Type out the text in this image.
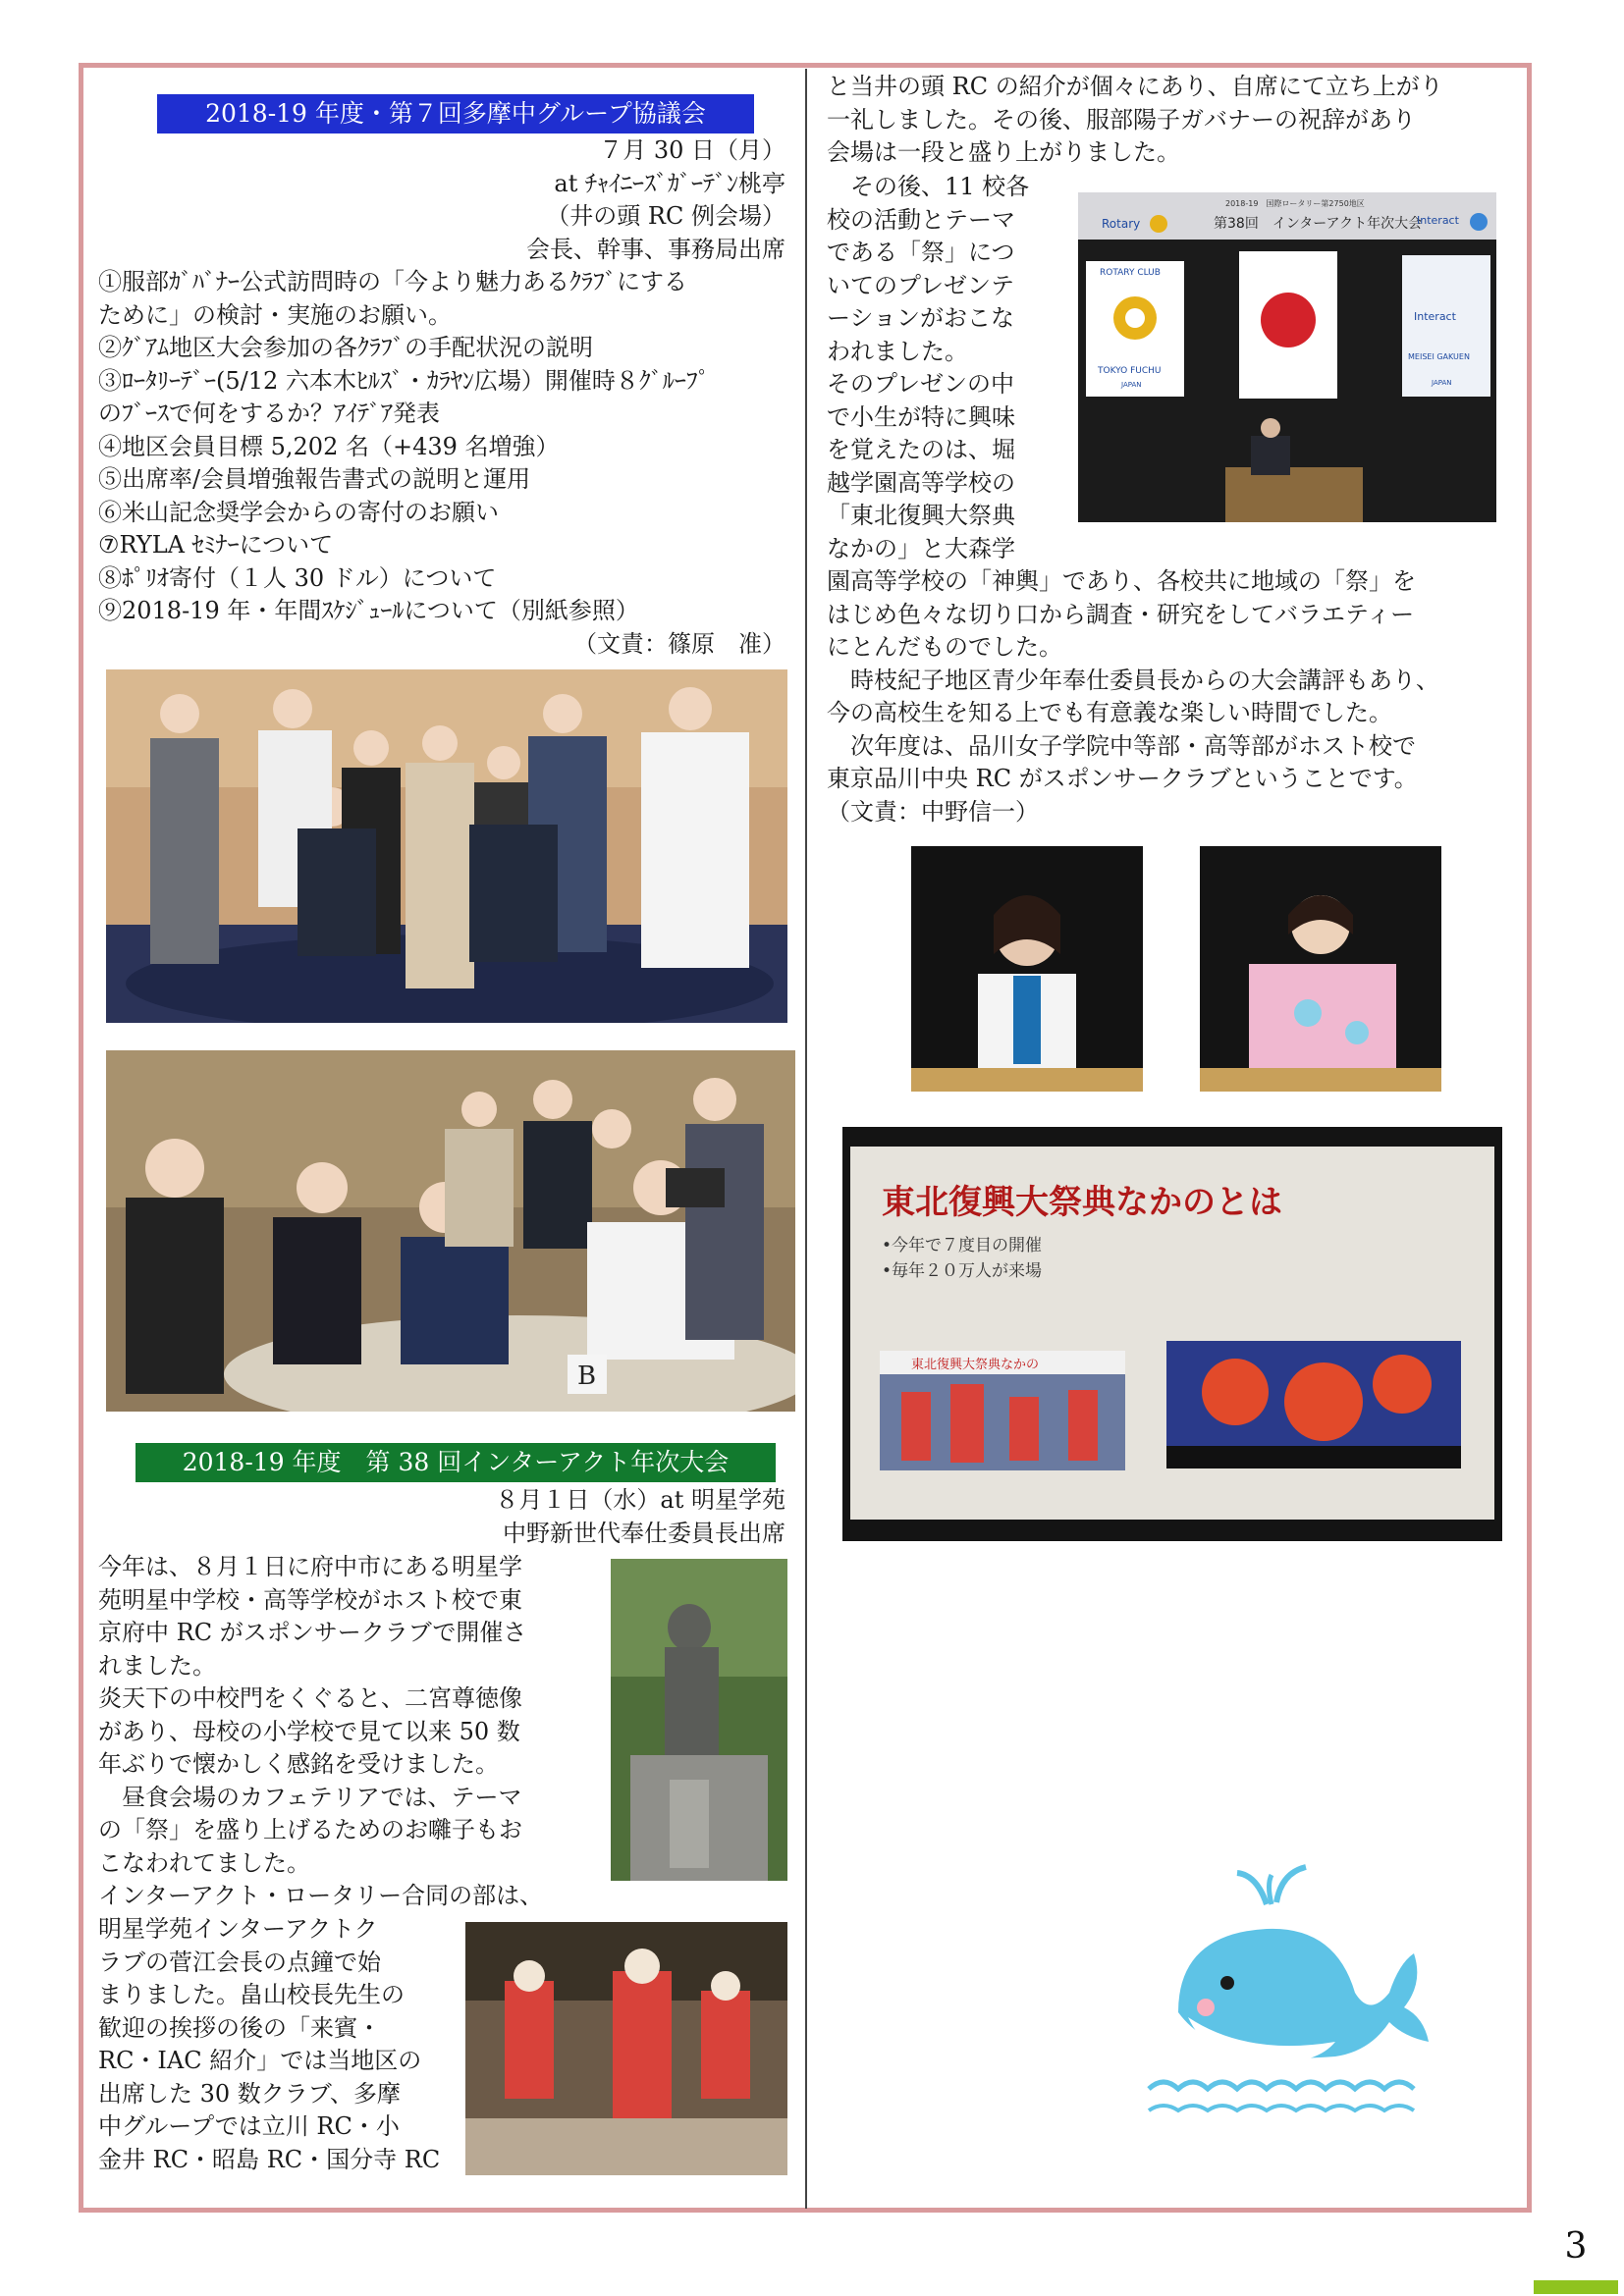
2018-19 年度・第７回多摩中グループ協議会
７月 30 日（月）
at ﾁｬｲﾆｰｽﾞｶﾞｰﾃﾞﾝ桃亭
（井の頭 RC 例会場）
会長、幹事、事務局出席
①服部ｶﾞﾊﾞﾅｰ公式訪問時の「今より魅力あるｸﾗﾌﾞにする
ために」の検討・実施のお願い。
②ｸﾞｱﾑ地区大会参加の各ｸﾗﾌﾞの手配状況の説明
③ﾛｰﾀﾘｰﾃﾞｰ(5/12 六本木ﾋﾙｽﾞ・ｶﾗﾔﾝ広場）開催時８ｸﾞﾙｰﾌﾟ
のﾌﾞｰｽで何をするか？ｱｲﾃﾞｱ発表
④地区会員目標 5,202 名（+439 名増強）
⑤出席率/会員増強報告書式の説明と運用
⑥米山記念奨学会からの寄付のお願い
⑦RYLA ｾﾐﾅｰについて
⑧ﾎﾟﾘｵ寄付（１人 30 ドル）について
⑨2018-19 年・年間ｽｹｼﾞｭｰﾙについて（別紙参照）
（文責：篠原　准）
B
2018-19 年度　第 38 回インターアクト年次大会
８月１日（水）at 明星学苑
中野新世代奉仕委員長出席
今年は、８月１日に府中市にある明星学
苑明星中学校・高等学校がホスト校で東
京府中 RC がスポンサークラブで開催さ
れました。
炎天下の中校門をくぐると、二宮尊徳像
があり、母校の小学校で見て以来 50 数
年ぶりで懐かしく感銘を受けました。
　昼食会場のカフェテリアでは、テーマ
の「祭」を盛り上げるためのお囃子もお
こなわれてました。
インターアクト・ロータリー合同の部は、
明星学苑インターアクトク
ラブの菅江会長の点鐘で始
まりました。畠山校長先生の
歓迎の挨拶の後の「来賓・
RC・IAC 紹介」では当地区の
出席した 30 数クラブ、多摩
中グループでは立川 RC・小
金井 RC・昭島 RC・国分寺 RC
と当井の頭 RC の紹介が個々にあり、自席にて立ち上がり
一礼しました。その後、服部陽子ガバナーの祝辞があり
会場は一段と盛り上がりました。
　その後、11 校各
校の活動とテーマ
である「祭」につ
いてのプレゼンテ
ーションがおこな
われました。
そのプレゼンの中
で小生が特に興味
を覚えたのは、堀
越学園高等学校の
「東北復興大祭典
なかの」と大森学
2018-19　国際ロータリー第2750地区
Rotary	第38回　インターアクト年次大会
Interact
ROTARY CLUB
TOKYO FUCHU
JAPAN
Interact
MEISEI GAKUEN
JAPAN
園高等学校の「神輿」であり、各校共に地域の「祭」を
はじめ色々な切り口から調査・研究をしてバラエティー
にとんだものでした。
　時枝紀子地区青少年奉仕委員長からの大会講評もあり、
今の高校生を知る上でも有意義な楽しい時間でした。
　次年度は、品川女子学院中等部・高等部がホスト校で
東京品川中央 RC がスポンサークラブということです。
（文責：中野信一）
東北復興大祭典なかのとは
•今年で７度目の開催
•毎年２０万人が来場
東北復興大祭典なかの
3
